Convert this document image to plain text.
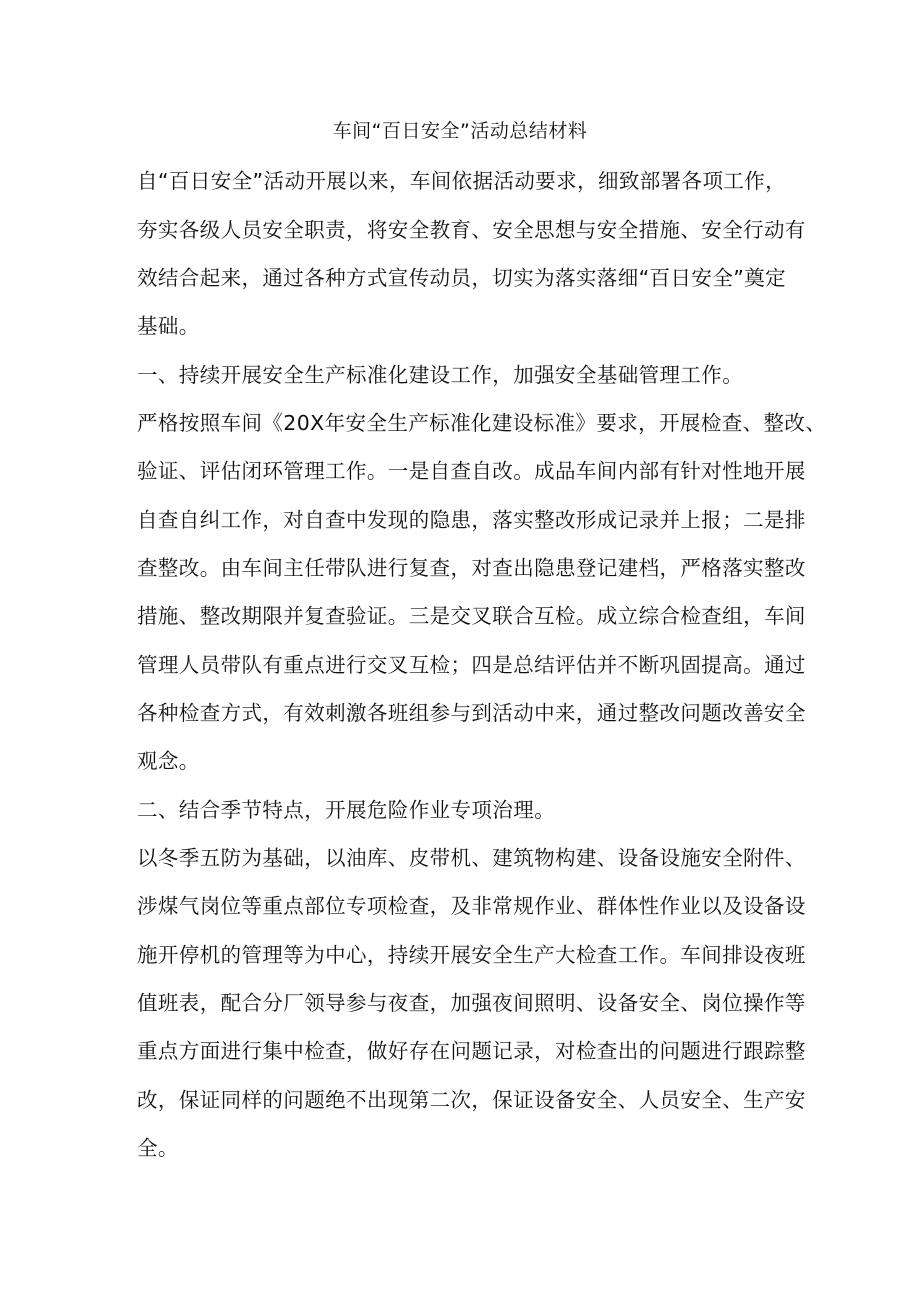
车间“百日安全”活动总结材料
自“百日安全”活动开展以来，车间依据活动要求，细致部署各项工作，
夯实各级人员安全职责，将安全教育、安全思想与安全措施、安全行动有
效结合起来，通过各种方式宣传动员，切实为落实落细“百日安全”奠定
基础。
一、持续开展安全生产标准化建设工作，加强安全基础管理工作。
严格按照车间《20X年安全生产标准化建设标准》要求，开展检查、整改、
验证、评估闭环管理工作。一是自查自改。成品车间内部有针对性地开展
自查自纠工作，对自查中发现的隐患，落实整改形成记录并上报；二是排
查整改。由车间主任带队进行复查，对查出隐患登记建档，严格落实整改
措施、整改期限并复查验证。三是交叉联合互检。成立综合检查组，车间
管理人员带队有重点进行交叉互检；四是总结评估并不断巩固提高。通过
各种检查方式，有效刺激各班组参与到活动中来，通过整改问题改善安全
观念。
二、结合季节特点，开展危险作业专项治理。
以冬季五防为基础，以油库、皮带机、建筑物构建、设备设施安全附件、
涉煤气岗位等重点部位专项检查，及非常规作业、群体性作业以及设备设
施开停机的管理等为中心，持续开展安全生产大检查工作。车间排设夜班
值班表，配合分厂领导参与夜查，加强夜间照明、设备安全、岗位操作等
重点方面进行集中检查，做好存在问题记录，对检查出的问题进行跟踪整
改，保证同样的问题绝不出现第二次，保证设备安全、人员安全、生产安
全。
